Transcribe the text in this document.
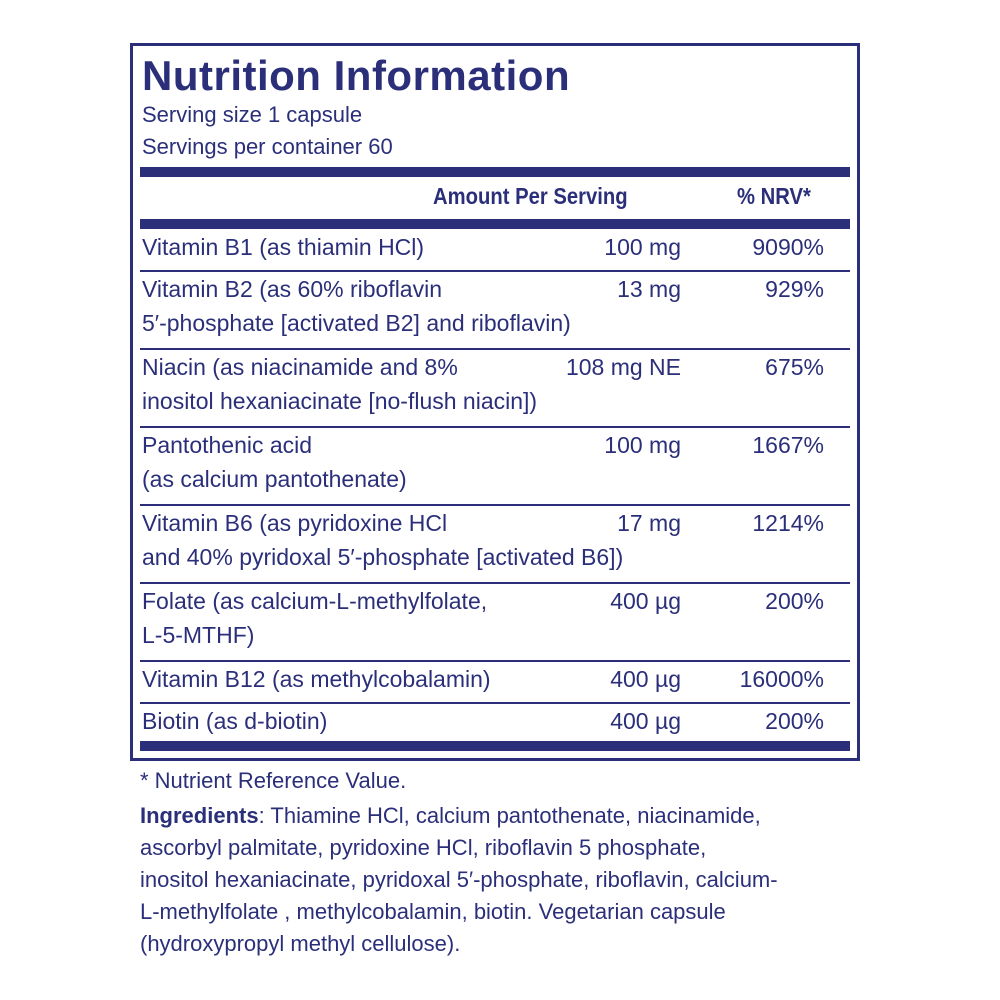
Nutrition Information
Serving size 1 capsule
Servings per container 60
Amount Per Serving	% NRV*
Vitamin B1 (as thiamin HCl)	100 mg	9090%
Vitamin B2 (as 60% riboflavin
5′-phosphate [activated B2] and riboflavin)
13 mg	929%
Niacin (as niacinamide and 8%
inositol hexaniacinate [no-flush niacin])
108 mg NE	675%
Pantothenic acid
(as calcium pantothenate)
100 mg	1667%
Vitamin B6 (as pyridoxine HCl
and 40% pyridoxal 5′-phosphate [activated B6])
17 mg	1214%
Folate (as calcium-L-methylfolate,
L-5-MTHF)
400 µg	200%
Vitamin B12 (as methylcobalamin)	400 µg	16000%
Biotin (as d-biotin)	400 µg	200%
* Nutrient Reference Value.
Ingredients: Thiamine HCl, calcium pantothenate, niacinamide,
ascorbyl palmitate, pyridoxine HCl, riboflavin 5 phosphate,
inositol hexaniacinate, pyridoxal 5′-phosphate, riboflavin, calcium-
L-methylfolate , methylcobalamin, biotin. Vegetarian capsule
(hydroxypropyl methyl cellulose).
